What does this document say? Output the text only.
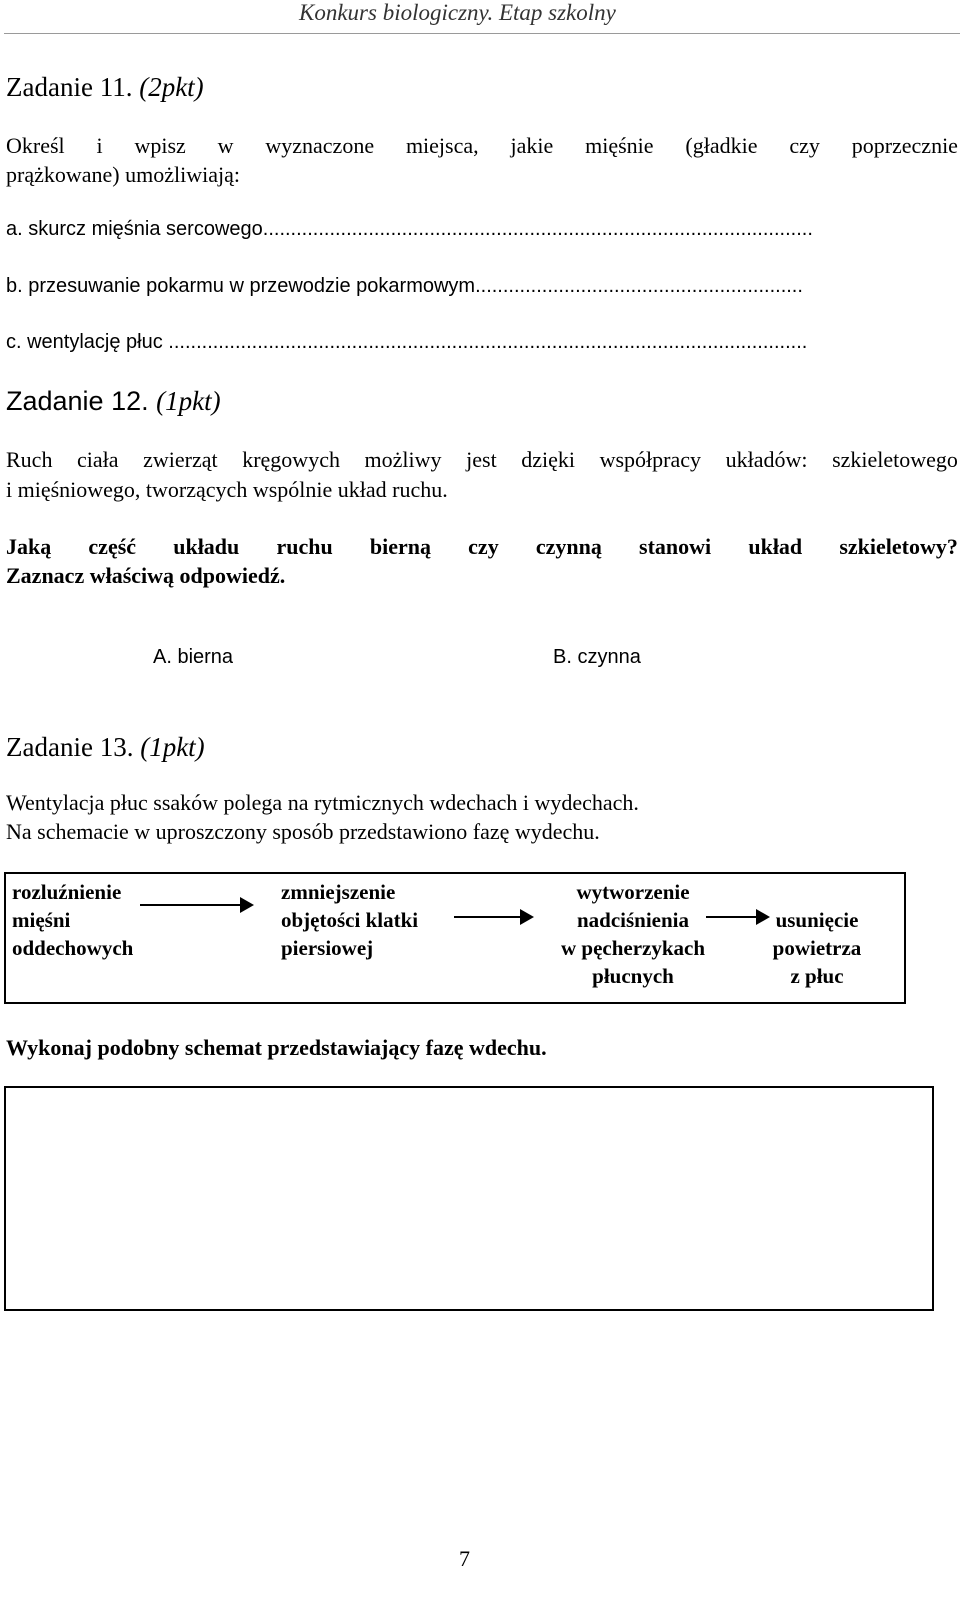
Konkurs biologiczny. Etap szkolny
Zadanie 11. (2pkt)
Określ i wpisz w wyznaczone miejsca, jakie mięśnie (gładkie czy poprzecznie
prążkowane) umożliwiają:
a. skurcz mięśnia sercowego...................................................................................................
b. przesuwanie pokarmu w przewodzie pokarmowym...........................................................
c. wentylację płuc ...................................................................................................................
Zadanie 12. (1pkt)
Ruch ciała zwierząt kręgowych możliwy jest dzięki współpracy układów: szkieletowego
i mięśniowego, tworzących wspólnie układ ruchu.
Jaką część układu ruchu bierną czy czynną stanowi układ szkieletowy?
Zaznacz właściwą odpowiedź.
A. bierna	B. czynna
Zadanie 13. (1pkt)
Wentylacja płuc ssaków polega na rytmicznych wdechach i wydechach.
Na schemacie w uproszczony sposób przedstawiono fazę wydechu.
rozluźnienie
mięśni
oddechowych
zmniejszenie
objętości klatki
piersiowej
wytworzenie
nadciśnienia
w pęcherzykach
płucnych
usunięcie
powietrza
z płuc
Wykonaj podobny schemat przedstawiający fazę wdechu.
7
